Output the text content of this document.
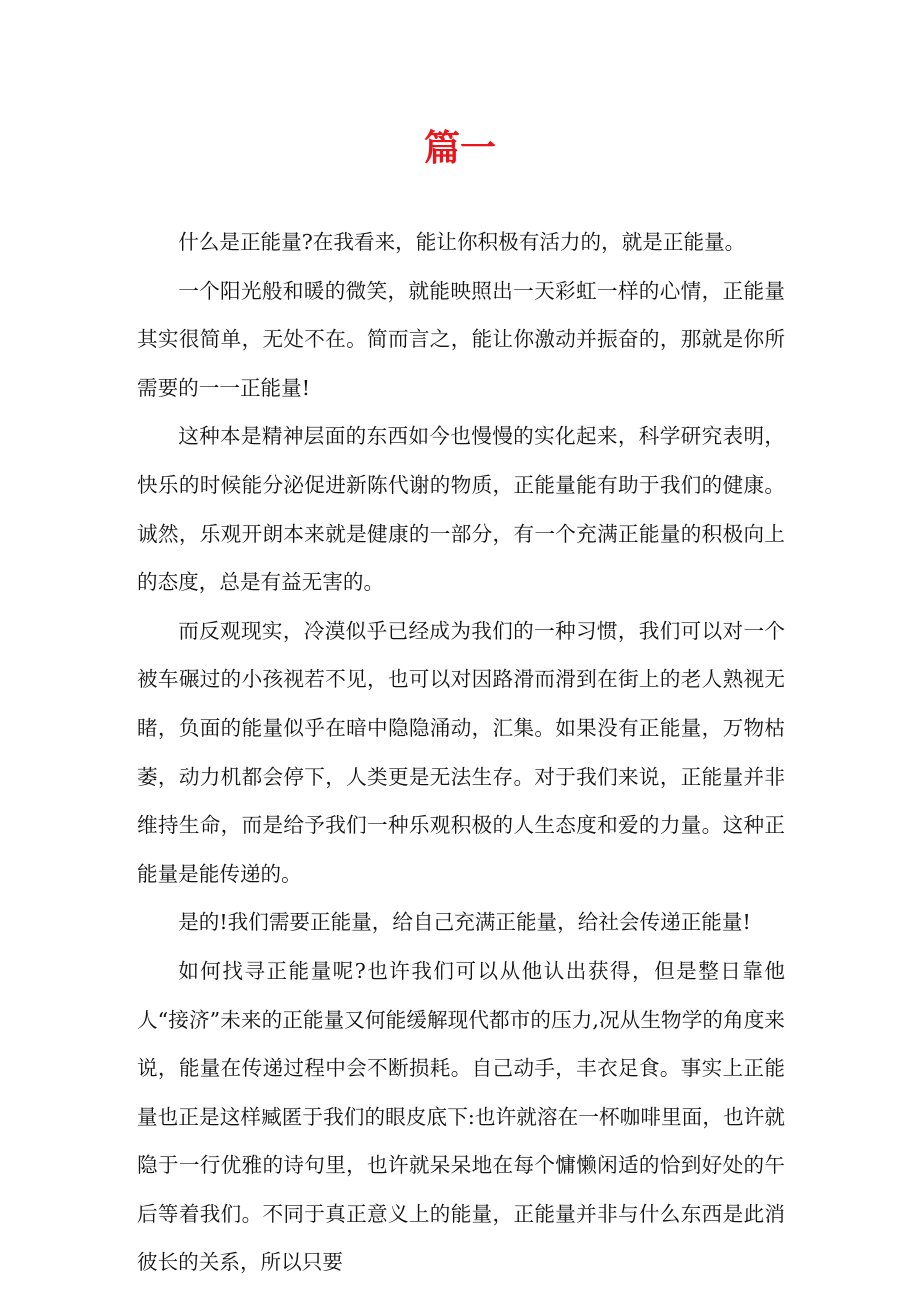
篇一

什么是正能量?在我看来，能让你积极有活力的，就是正能量。

一个阳光般和暖的微笑，就能映照出一天彩虹一样的心情，正能量其实很简单，无处不在。简而言之，能让你激动并振奋的，那就是你所需要的一一正能量!

这种本是精神层面的东西如今也慢慢的实化起来，科学研究表明，快乐的时候能分泌促进新陈代谢的物质，正能量能有助于我们的健康。诚然，乐观开朗本来就是健康的一部分，有一个充满正能量的积极向上的态度，总是有益无害的。

而反观现实，冷漠似乎已经成为我们的一种习惯，我们可以对一个被车碾过的小孩视若不见，也可以对因路滑而滑到在街上的老人熟视无睹，负面的能量似乎在暗中隐隐涌动，汇集。如果没有正能量，万物枯萎，动力机都会停下，人类更是无法生存。对于我们来说，正能量并非维持生命，而是给予我们一种乐观积极的人生态度和爱的力量。这种正能量是能传递的。

是的!我们需要正能量，给自己充满正能量，给社会传递正能量!

如何找寻正能量呢?也许我们可以从他认出获得，但是整日靠他人“接济”未来的正能量又何能缓解现代都市的压力,况从生物学的角度来说，能量在传递过程中会不断损耗。自己动手，丰衣足食。事实上正能量也正是这样臧匿于我们的眼皮底下:也许就溶在一杯咖啡里面，也许就隐于一行优雅的诗句里，也许就呆呆地在每个慵懒闲适的恰到好处的午后等着我们。不同于真正意义上的能量，正能量并非与什么东西是此消彼长的关系，所以只要
